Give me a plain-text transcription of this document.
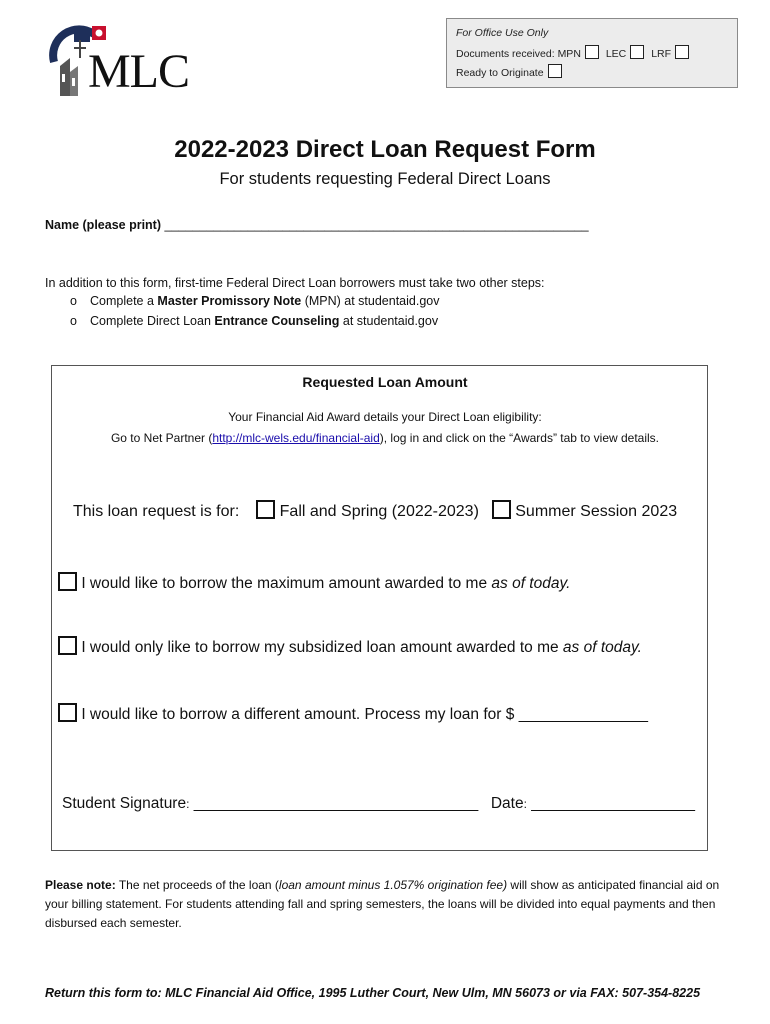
MLC
For Office Use Only
Documents received: MPN LEC LRF
Ready to Originate
2022-2023 Direct Loan Request Form
For students requesting Federal Direct Loans
Name (please print) _____________________________________________________________
In addition to this form, first-time Federal Direct Loan borrowers must take two other steps:
o Complete a Master Promissory Note (MPN) at studentaid.gov
o Complete Direct Loan Entrance Counseling at studentaid.gov
Requested Loan Amount
Your Financial Aid Award details your Direct Loan eligibility:
Go to Net Partner (http://mlc-wels.edu/financial-aid), log in and click on the “Awards” tab to view details.
This loan request is for:	Fall and Spring (2022-2023) Summer Session 2023
I would like to borrow the maximum amount awarded to me as of today.
I would only like to borrow my subsidized loan amount awarded to me as of today.
I would like to borrow a different amount. Process my loan for $ _______________
Student Signature: _________________________________ Date: ___________________
Please note: The net proceeds of the loan (loan amount minus 1.057% origination fee) will show as anticipated financial aid on your billing statement. For students attending fall and spring semesters, the loans will be divided into equal payments and then disbursed each semester.
Return this form to: MLC Financial Aid Office, 1995 Luther Court, New Ulm, MN 56073 or via FAX: 507-354-8225
